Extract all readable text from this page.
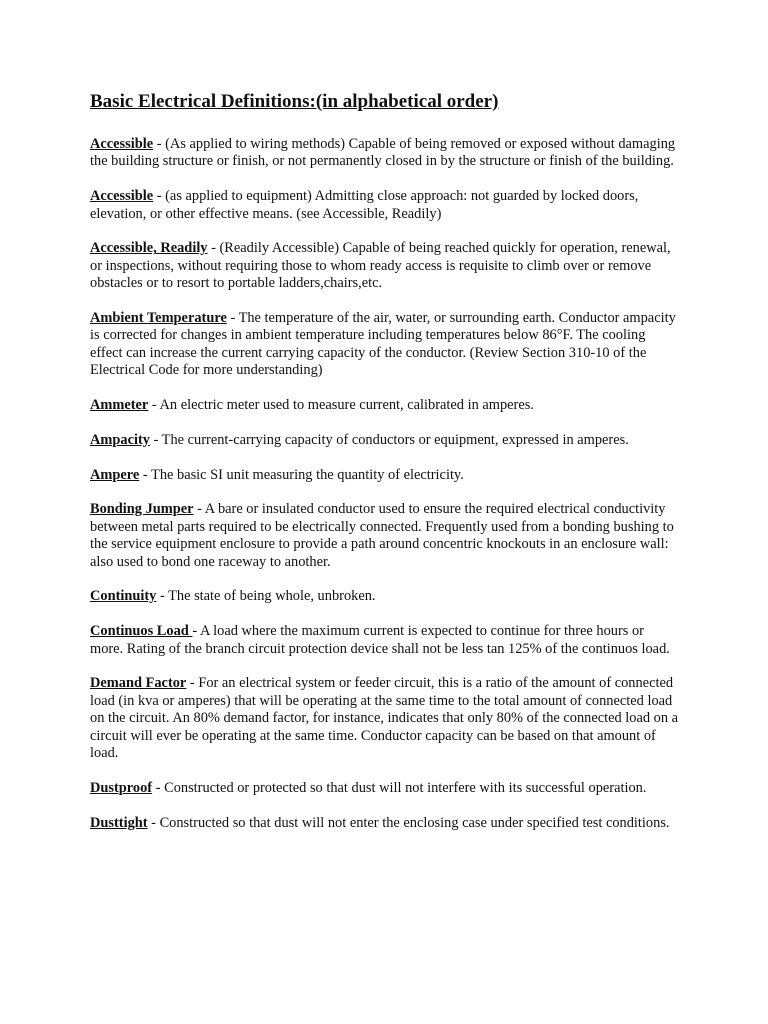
Basic Electrical Definitions:(in alphabetical order)

Accessible - (As applied to wiring methods) Capable of being removed or exposed without damaging the building structure or finish, or not permanently closed in by the structure or finish of the building.

Accessible - (as applied to equipment) Admitting close approach: not guarded by locked doors, elevation, or other effective means. (see Accessible, Readily)

Accessible, Readily - (Readily Accessible) Capable of being reached quickly for operation, renewal, or inspections, without requiring those to whom ready access is requisite to climb over or remove obstacles or to resort to portable ladders,chairs,etc.

Ambient Temperature - The temperature of the air, water, or surrounding earth. Conductor ampacity is corrected for changes in ambient temperature including temperatures below 86°F. The cooling effect can increase the current carrying capacity of the conductor. (Review Section 310-10 of the Electrical Code for more understanding)

Ammeter - An electric meter used to measure current, calibrated in amperes.

Ampacity - The current-carrying capacity of conductors or equipment, expressed in amperes.

Ampere - The basic SI unit measuring the quantity of electricity.

Bonding Jumper - A bare or insulated conductor used to ensure the required electrical conductivity between metal parts required to be electrically connected. Frequently used from a bonding bushing to the service equipment enclosure to provide a path around concentric knockouts in an enclosure wall: also used to bond one raceway to another.

Continuity - The state of being whole, unbroken.

Continuos Load - A load where the maximum current is expected to continue for three hours or more. Rating of the branch circuit protection device shall not be less tan 125% of the continuos load.

Demand Factor - For an electrical system or feeder circuit, this is a ratio of the amount of connected load (in kva or amperes) that will be operating at the same time to the total amount of connected load on the circuit. An 80% demand factor, for instance, indicates that only 80% of the connected load on a circuit will ever be operating at the same time. Conductor capacity can be based on that amount of load.

Dustproof - Constructed or protected so that dust will not interfere with its successful operation.

Dusttight - Constructed so that dust will not enter the enclosing case under specified test conditions.
